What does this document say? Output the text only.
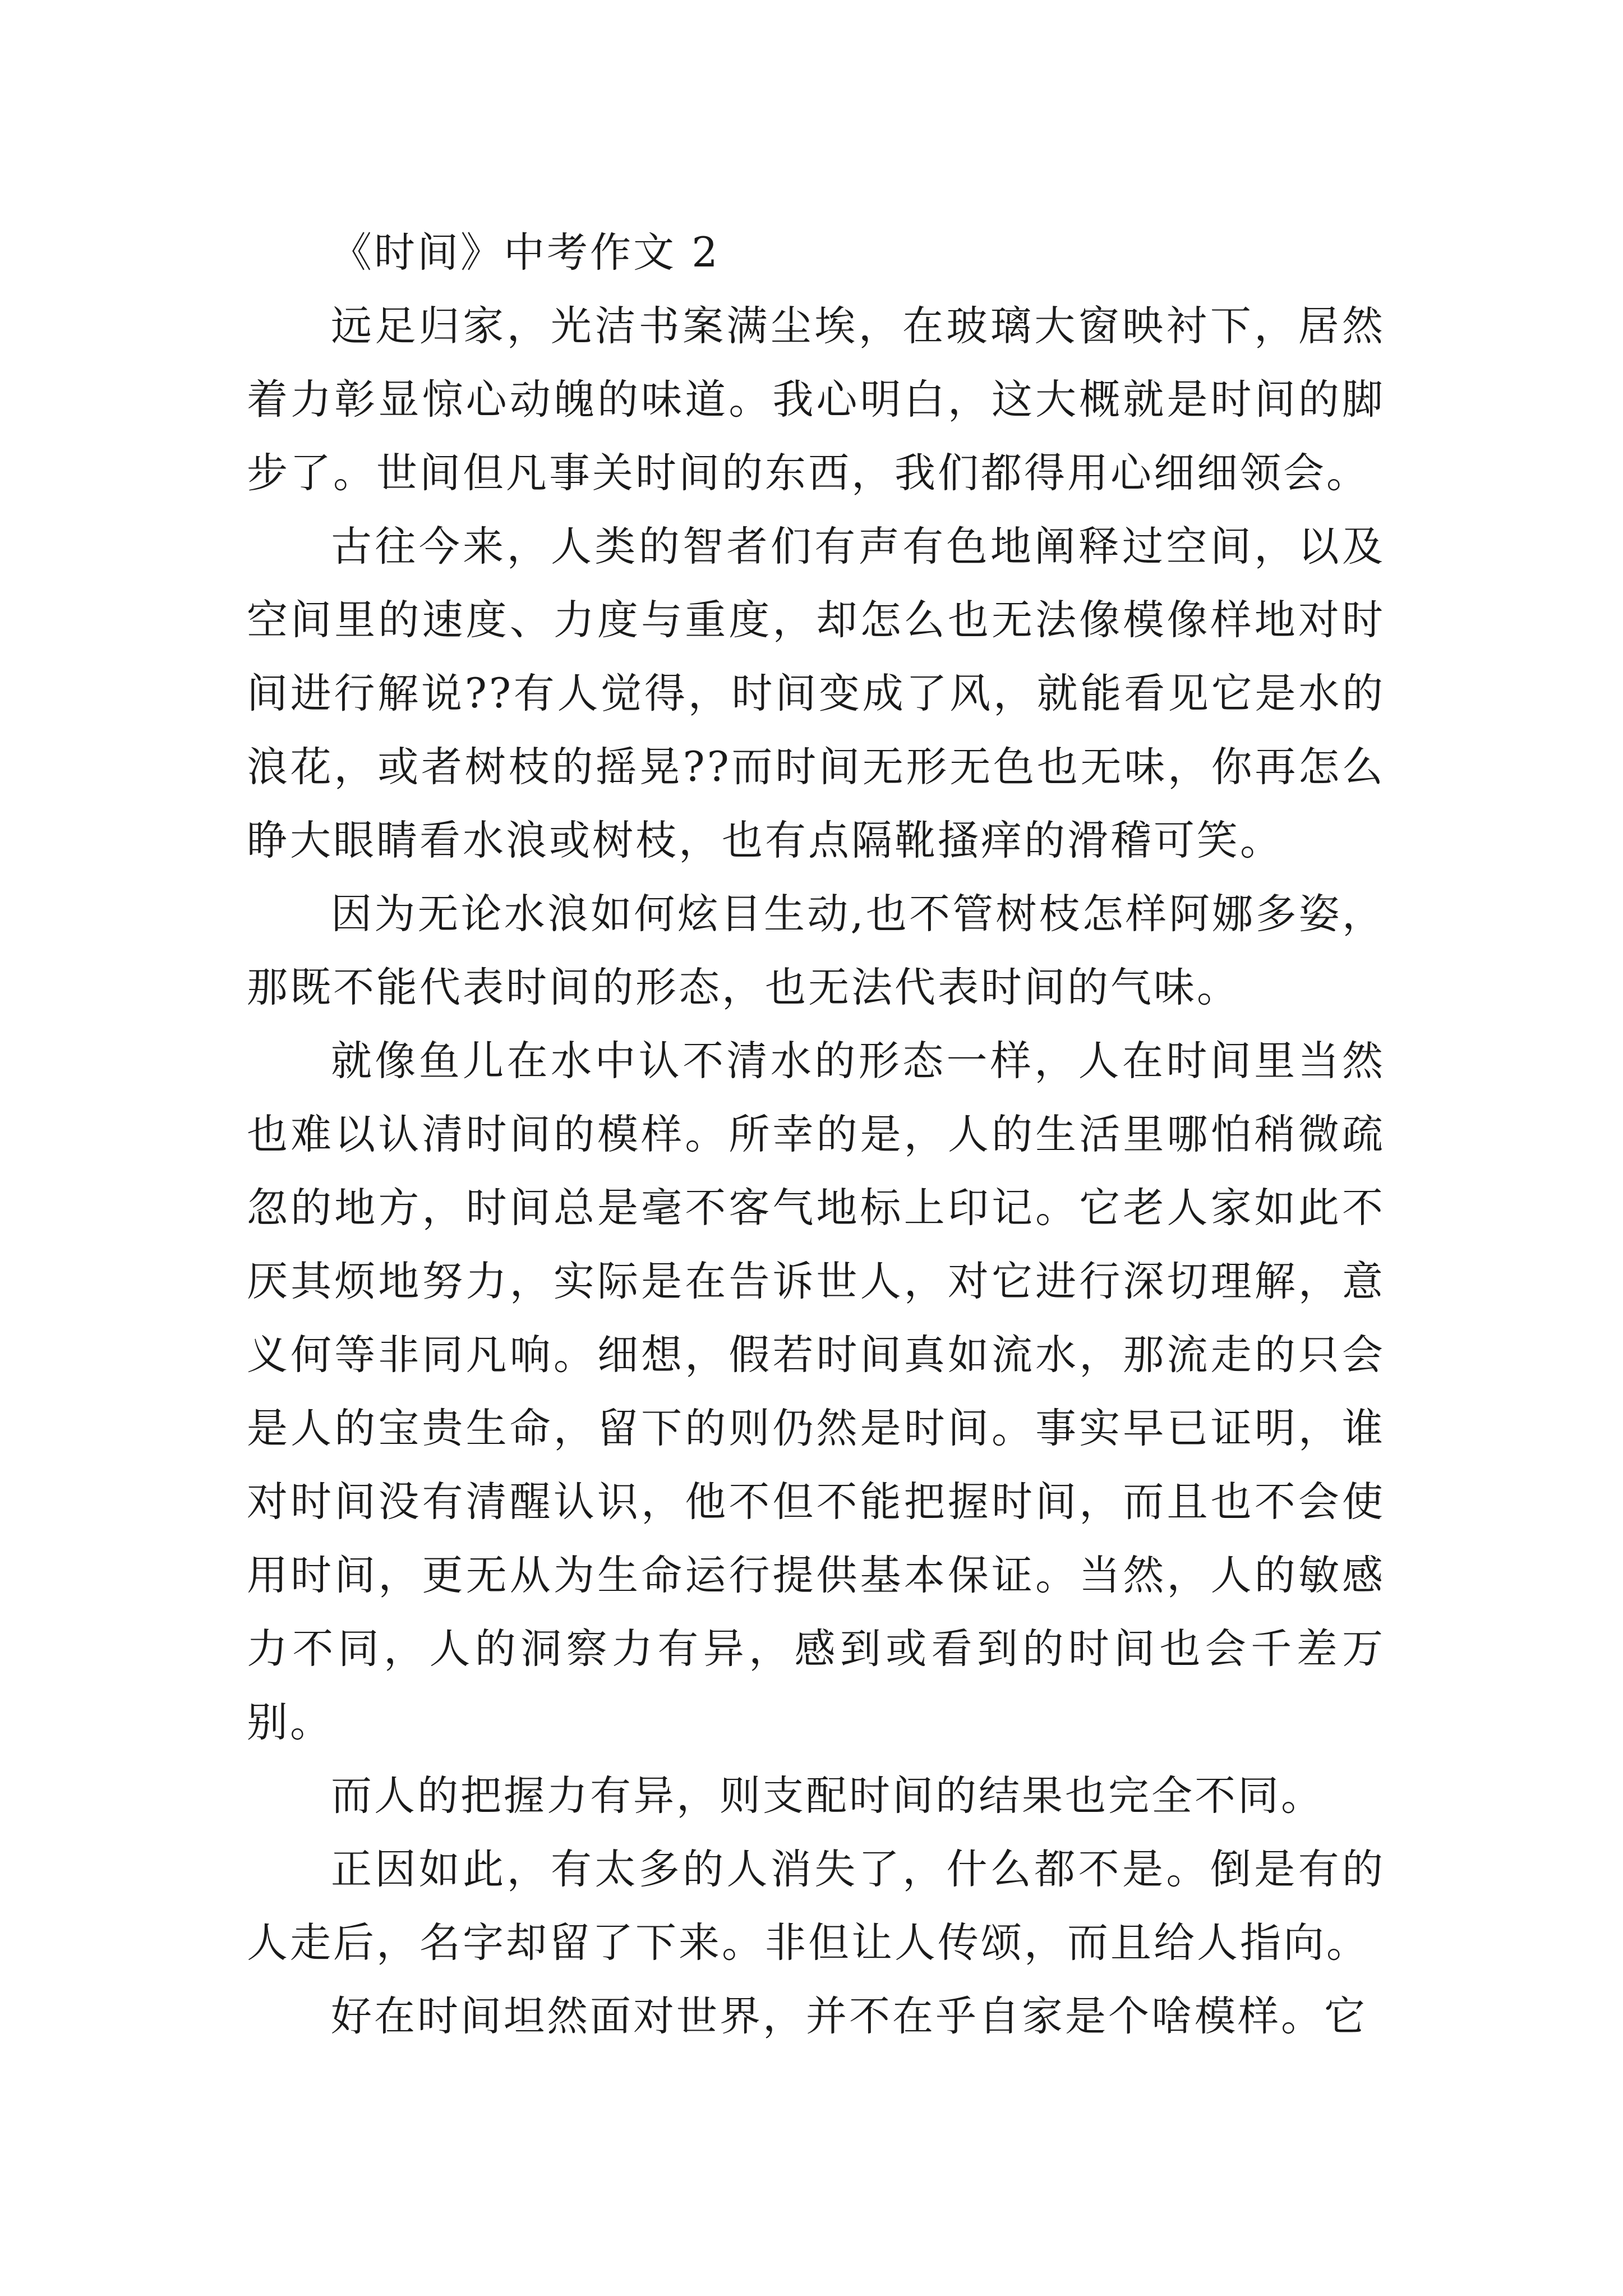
《时间》中考作文 2

远足归家，光洁书案满尘埃，在玻璃大窗映衬下，居然着力彰显惊心动魄的味道。我心明白，这大概就是时间的脚步了。世间但凡事关时间的东西，我们都得用心细细领会。

古往今来，人类的智者们有声有色地阐释过空间，以及空间里的速度、力度与重度，却怎么也无法像模像样地对时间进行解说??有人觉得，时间变成了风，就能看见它是水的浪花，或者树枝的摇晃??而时间无形无色也无味，你再怎么睁大眼睛看水浪或树枝，也有点隔靴搔痒的滑稽可笑。

因为无论水浪如何炫目生动,也不管树枝怎样阿娜多姿，那既不能代表时间的形态，也无法代表时间的气味。

就像鱼儿在水中认不清水的形态一样，人在时间里当然也难以认清时间的模样。所幸的是，人的生活里哪怕稍微疏忽的地方，时间总是毫不客气地标上印记。它老人家如此不厌其烦地努力，实际是在告诉世人，对它进行深切理解，意义何等非同凡响。细想，假若时间真如流水，那流走的只会是人的宝贵生命，留下的则仍然是时间。事实早已证明，谁对时间没有清醒认识，他不但不能把握时间，而且也不会使用时间，更无从为生命运行提供基本保证。当然，人的敏感力不同，人的洞察力有异，感到或看到的时间也会千差万别。

而人的把握力有异，则支配时间的结果也完全不同。

正因如此，有太多的人消失了，什么都不是。倒是有的人走后，名字却留了下来。非但让人传颂，而且给人指向。

好在时间坦然面对世界，并不在乎自家是个啥模样。它
